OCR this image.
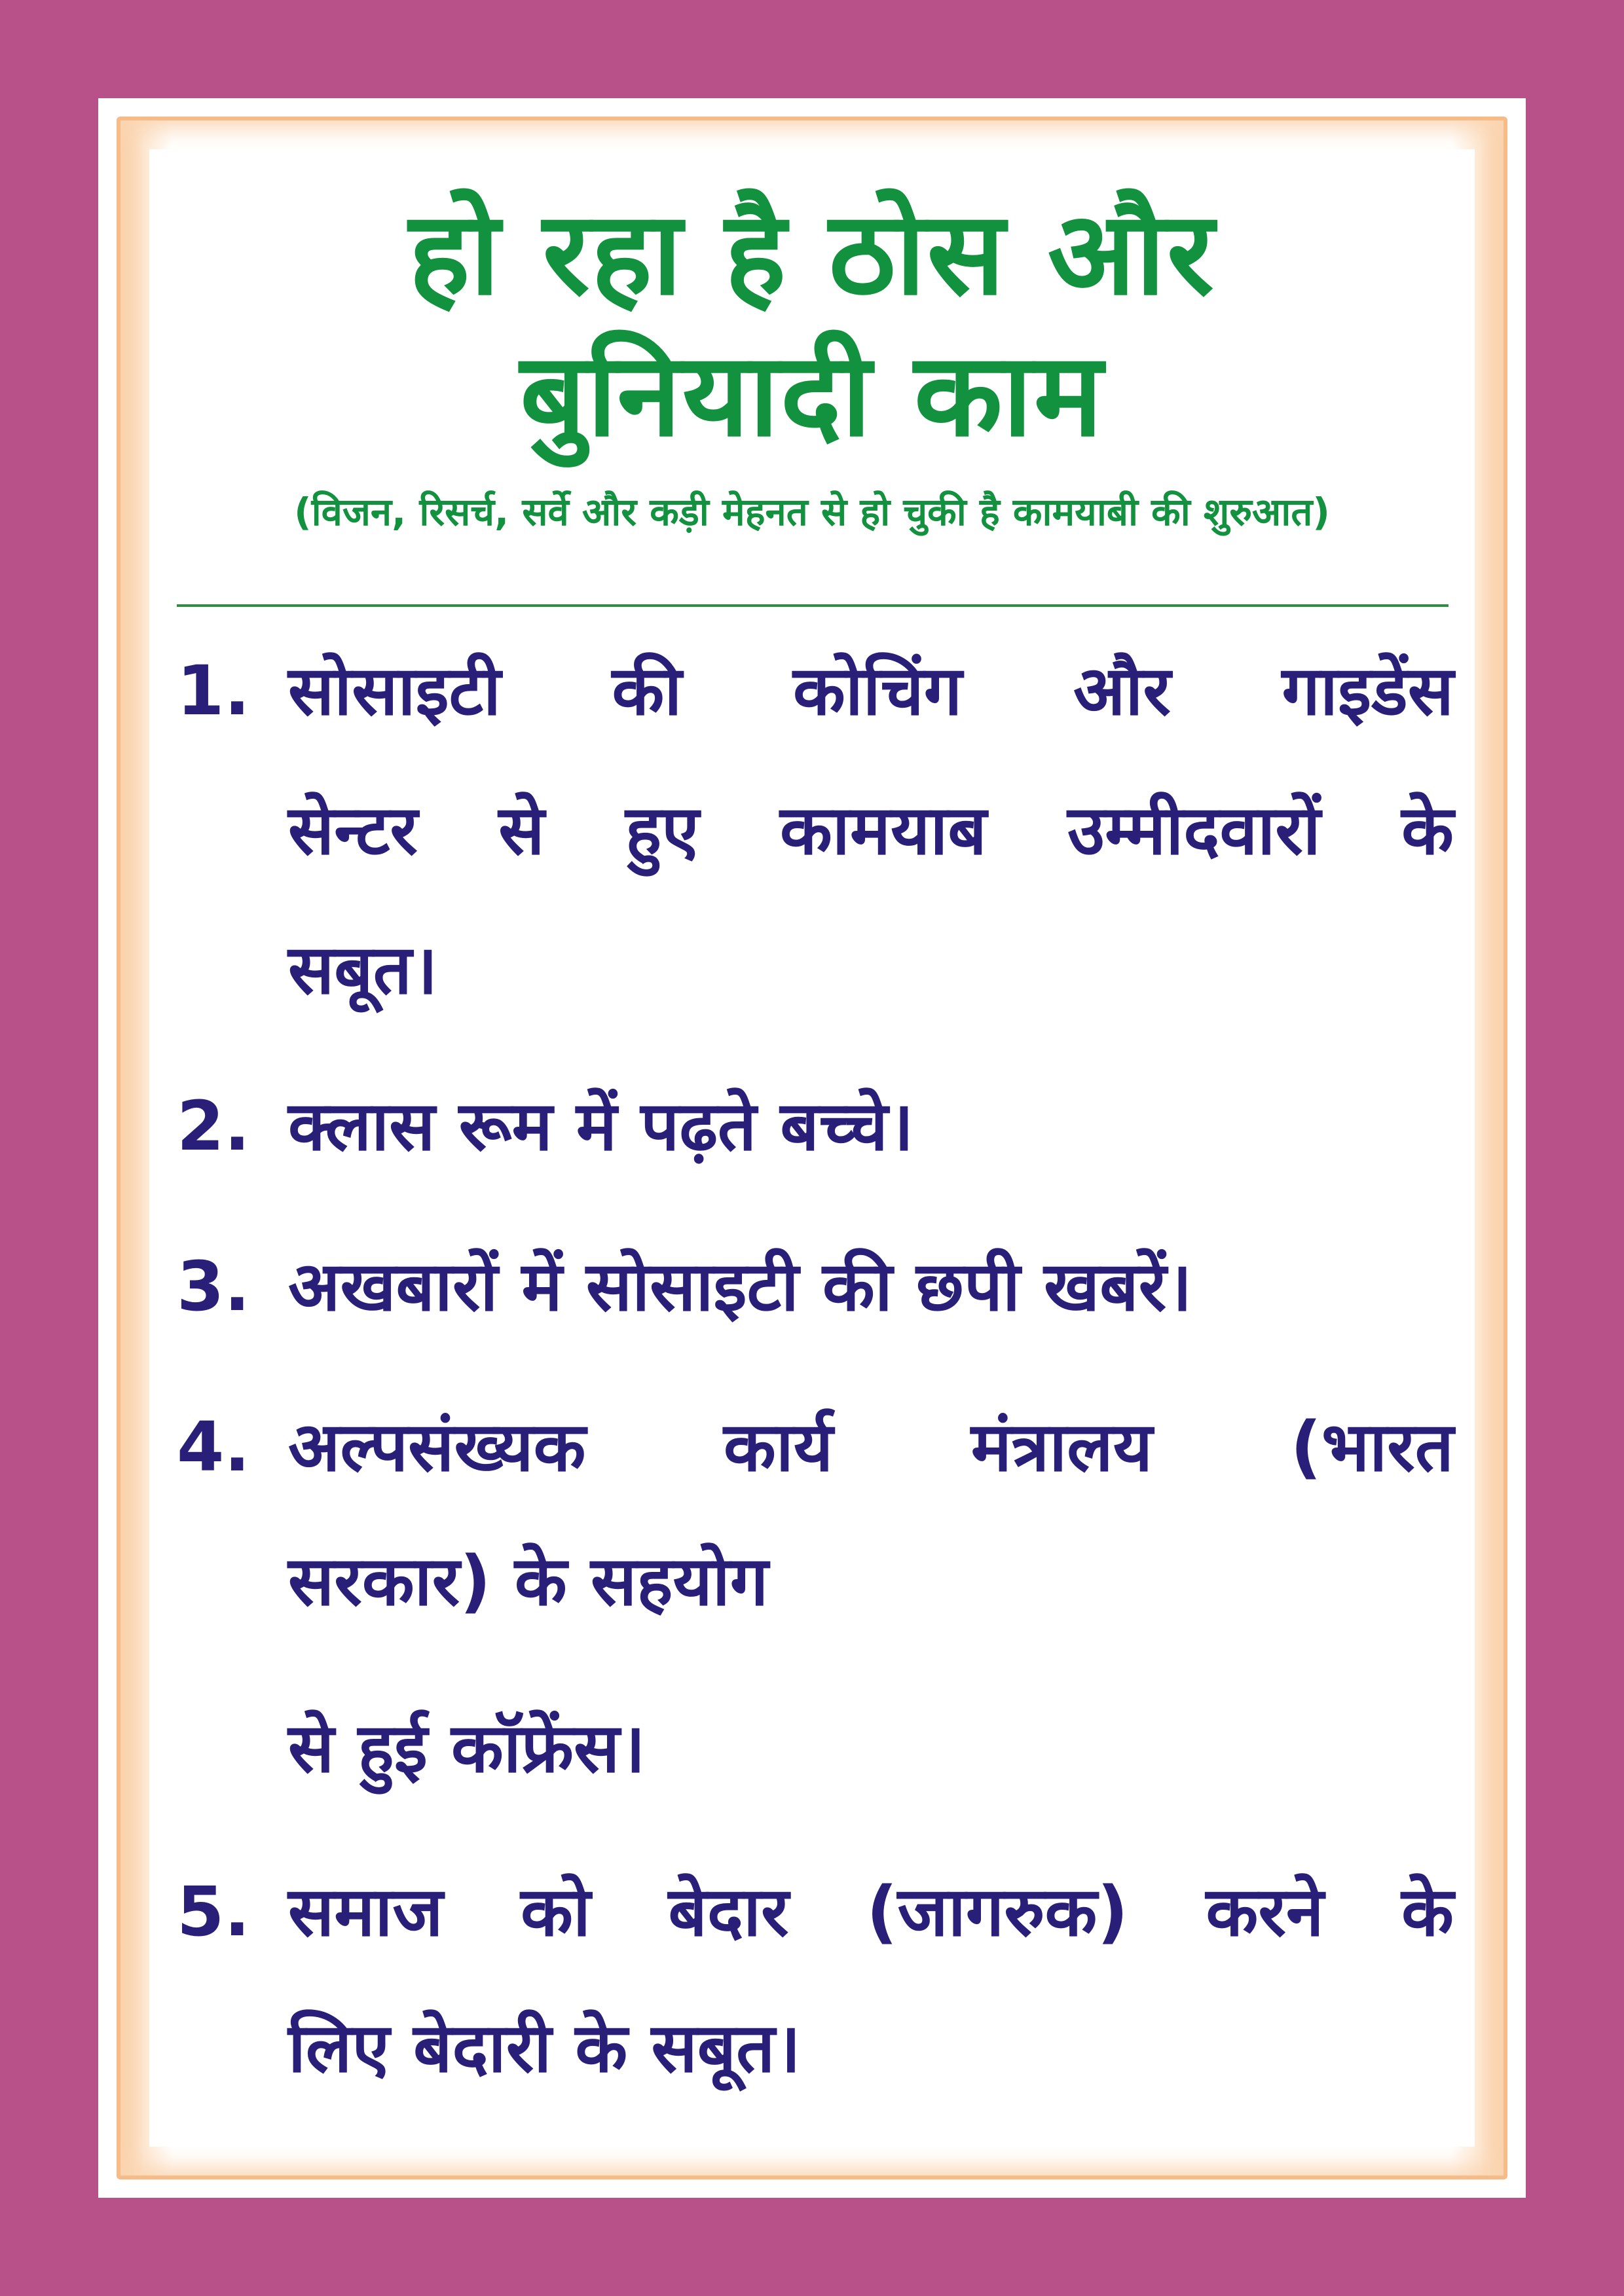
हो रहा है ठोस और
बुनियादी काम
(विजन, रिसर्च, सर्वे और कड़ी मेहनत से हो चुकी है कामयाबी की शुरुआत)
1. सोसाइटी की कोचिंग और गाइडेंस
सेन्टर से हुए कामयाब उम्मीदवारों के
सबूत।
2. क्लास रूम में पढ़ते बच्चे।
3. अखबारों में सोसाइटी की छपी खबरें।
4. अल्पसंख्यक कार्य मंत्रालय (भारत
सरकार) के सहयोग
से हुई कॉफ्रेंस।
5. समाज को बेदार (जागरुक) करने के
लिए बेदारी के सबूत।
